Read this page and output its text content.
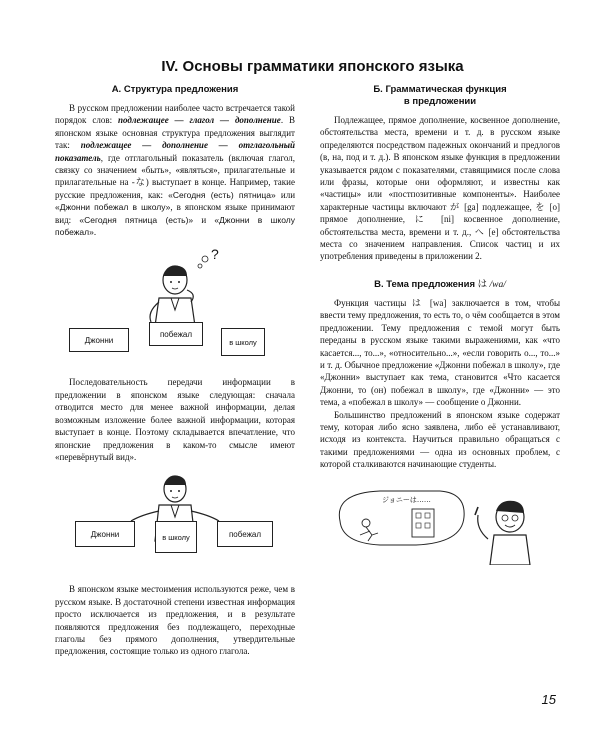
IV. Основы грамматики японского языка
А. Структура предложения

В русском предложении наиболее часто встречается такой порядок слов: подлежащее — глагол — дополнение. В японском языке основная структура предложения выглядит так: подлежащее — дополнение — отглагольный показатель, где отглагольный показатель (включая глагол, связку со значением «быть», «являться», прилагательные и прилагательные на -な) выступает в конце. Например, такие русские предложения, как: «Сегодня (есть) пятница» или «Джонни побежал в школу», в японском языке принимают вид: «Сегодня пятница (есть)» и «Джонни в школу побежал».

?
Джонни
побежал
в школу

Последовательность передачи информации в предложении в японском языке следующая: сначала отводится место для менее важной информации, делая возможным изложение более важной информации, которая выступает в конце. Поэтому складывается впечатление, что японские предложения в каком-то смысле имеют «перевёрнутый вид».

Джонни	в школу	побежал

В японском языке местоимения используются реже, чем в русском языке. В достаточной степени известная информация просто исключается из предложения, и в результате появляются предложения без подлежащего, переходные глаголы без прямого дополнения, утвердительные предложения, состоящие только из одного глагола.

Б. Грамматическая функция
в предложении

Подлежащее, прямое дополнение, косвенное дополнение, обстоятельства места, времени и т. д. в русском языке определяются посредством падежных окончаний и предлогов (в, на, под и т. д.). В японском языке функция в предложении указывается рядом с показателями, ставящимися после слова или фразы, которые они оформляют, и известны как «частицы» или «постпозитивные компоненты». Наиболее характерные частицы включают が [ga] подлежащее, を [o] прямое дополнение, に [ni] косвенное дополнение, обстоятельства места, времени и т. д., へ [e] обстоятельства места со значением направления. Список частиц и их употребления приведены в приложении 2.

В. Тема предложения は /wa/

Функция частицы は [wa] заключается в том, чтобы ввести тему предложения, то есть то, о чём сообщается в этом предложении. Тему предложения с темой могут быть переданы в русском языке такими выражениями, как «что касается..., то...», «относительно...», «если говорить о..., то...» и т. д. Обычное предложение «Джонни побежал в школу», где «Джонни» выступает как тема, становится «Что касается Джонни, то (он) побежал в школу», где «Джонни» — это тема, а «побежал в школу» — сообщение о Джонни.

Большинство предложений в японском языке содержат тему, которая либо ясно заявлена, либо её устанавливают, исходя из контекста. Научиться правильно обращаться с такими предложениями — одна из основных проблем, с которой сталкиваются начинающие студенты.

ジョニーは……
15
